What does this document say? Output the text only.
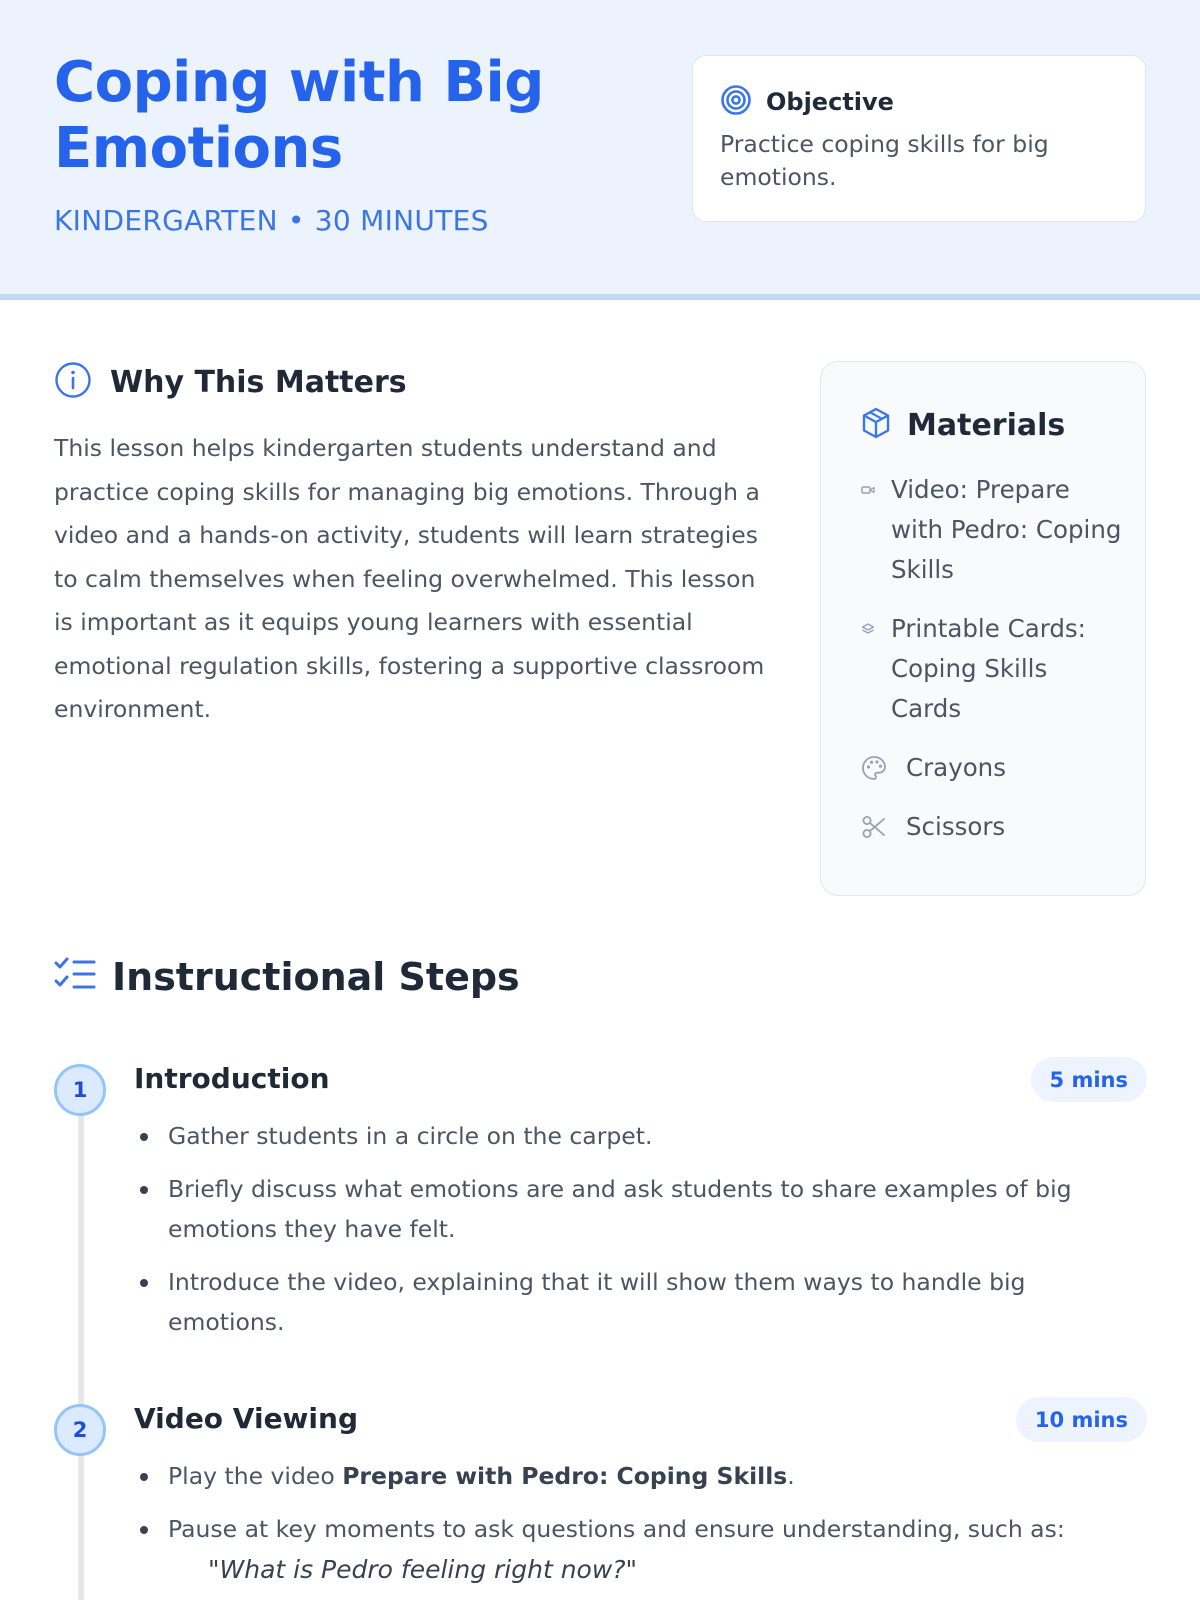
Coping with Big Emotions
KINDERGARTEN • 30 MINUTES
Objective

Practice coping skills for big emotions.

Why This Matters

This lesson helps kindergarten students understand and practice coping skills for managing big emotions. Through a video and a hands-on activity, students will learn strategies to calm themselves when feeling overwhelmed. This lesson is important as it equips young learners with essential emotional regulation skills, fostering a supportive classroom environment.

Materials
Video: Prepare with Pedro: Coping Skills
Printable Cards: Coping Skills Cards
Crayons
Scissors
Instructional Steps
1	Introduction	5 mins
Gather students in a circle on the carpet.
Briefly discuss what emotions are and ask students to share examples of big emotions they have felt.
Introduce the video, explaining that it will show them ways to handle big emotions.
2	Video Viewing	10 mins
Play the video Prepare with Pedro: Coping Skills.
Pause at key moments to ask questions and ensure understanding, such as:
"What is Pedro feeling right now?"
